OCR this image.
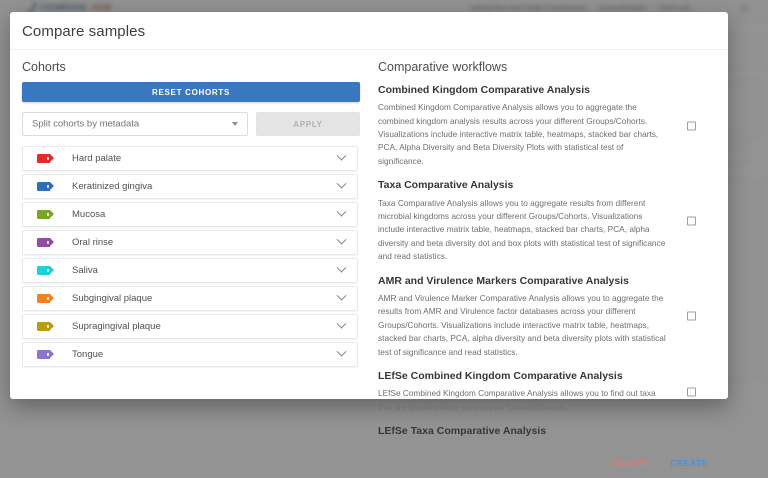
Compare samples
Cohorts
RESET COHORTS
Split cohorts by metadata	APPLY
Hard palate
Keratinized gingiva
Mucosa
Oral rinse
Saliva
Subgingival plaque
Supragingival plaque
Tongue
Comparative workflows
Combined Kingdom Comparative Analysis
Combined Kingdom Comparative Analysis allows you to aggregate the combined kingdom analysis results across your different Groups/Cohorts. Visualizations include interactive matrix table, heatmaps, stacked bar charts, PCA, Alpha Diversity and Beta Diversity Plots with statistical test of significance.
Taxa Comparative Analysis
Taxa Comparative Analysis allows you to aggregate results from different microbial kingdoms across your different Groups/Cohorts. Visualizations include interactive matrix table, heatmaps, stacked bar charts, PCA, alpha diversity and beta diversity dot and box plots with statistical test of significance and read statistics.
AMR and Virulence Markers Comparative Analysis
AMR and Virulence Marker Comparative Analysis allows you to aggregate the results from AMR and Virulence factor databases across your different Groups/Cohorts. Visualizations include interactive matrix table, heatmaps, stacked bar charts, PCA, alpha diversity and beta diversity plots with statistical test of significance and read statistics.
LEfSe Combined Kingdom Comparative Analysis
LEfSe Combined Kingdom Comparative Analysis allows you to find out taxa that are discriminatory across your Cohorts/Groups.
LEfSe Taxa Comparative Analysis
CANCEL CREATE
